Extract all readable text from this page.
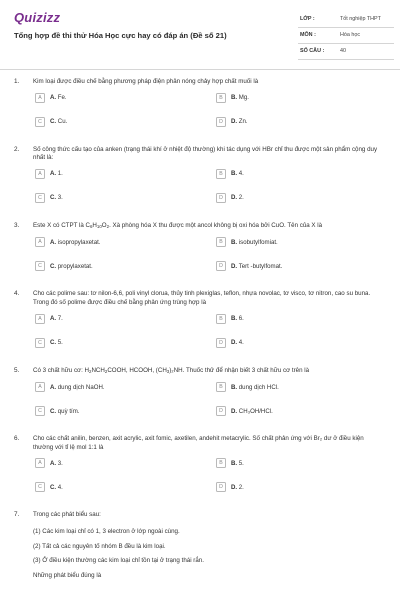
Quizizz
Tổng hợp đề thi thử Hóa Học cực hay có đáp án (Đề số 21)
LỚP :	Tốt nghiệp THPT
MÔN :	Hóa học
SỐ CÂU :	40
1. Kim loại được điều chế bằng phương pháp điện phân nóng chảy hợp chất muối là
A	A. Fe.	B	B. Mg.
C	C. Cu.	D	D. Zn.
2. Số công thức cấu tạo của anken (trạng thái khí ở nhiệt độ thường) khi tác dụng với HBr chỉ thu được một sản phẩm cộng duy nhất là:
A	A. 1.	B	B. 4.
C	C. 3.	D	D. 2.
3. Este X có CTPT là $C_6H_{10}O_2$. Xà phòng hóa X thu được một ancol không bị oxi hóa bởi CuO. Tên của X là
A	A. isopropylaxetat.	B	B. isobutylfomiat.
C	C. propylaxetat.	D	D. Tert -butylfomat.
4. Cho các polime sau: tơ nilon-6,6, poli vinyl clorua, thủy tinh plexiglas, teflon, nhựa novolac, tơ visco, tơ nitron, cao su buna. Trong đó số polime được điều chế bằng phản ứng trùng hợp là
A	A. 7.	B	B. 6.
C	C. 5.	D	D. 4.
5. Có 3 chất hữu cơ: $H_2NCH_2COOH$, HCOOH, $(CH_3)_2NH$. Thuốc thử để nhận biết 3 chất hữu cơ trên là
A	A. dung dịch NaOH.	B	B. dung dịch HCl.
C	C. quỳ tím.	D	D. CH₃OH/HCl.
6. Cho các chất anilin, benzen, axit acrylic, axit fomic, axetilen, andehit metacrylic. Số chất phản ứng với Br₂ dư ở điều kiện thường với tỉ lệ mol 1:1 là
A	A. 3.	B	B. 5.
C	C. 4.	D	D. 2.
7. Trong các phát biểu sau:
(1) Các kim loại chỉ có 1, 3 electron ở lớp ngoài cùng.
(2) Tất cả các nguyên tố nhóm B đều là kim loại.
(3) Ở điều kiện thường các kim loại chỉ tồn tại ở trạng thái rắn.
Những phát biểu đúng là
